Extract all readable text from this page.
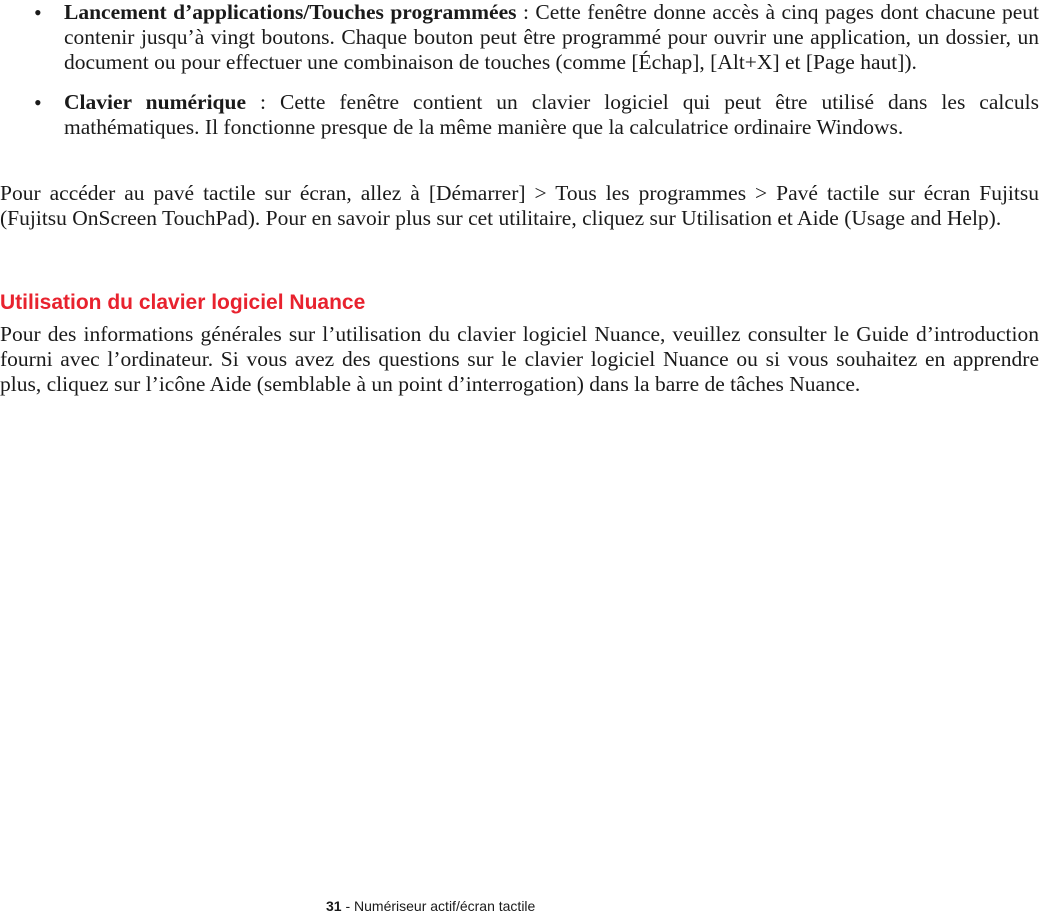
• Lancement d’applications/Touches programmées : Cette fenêtre donne accès à cinq pages dont chacune peut contenir jusqu’à vingt boutons. Chaque bouton peut être programmé pour ouvrir une application, un dossier, un document ou pour effectuer une combinaison de touches (comme [Échap], [Alt+X] et [Page haut]).
• Clavier numérique : Cette fenêtre contient un clavier logiciel qui peut être utilisé dans les calculs mathématiques. Il fonctionne presque de la même manière que la calculatrice ordinaire Windows.

Pour accéder au pavé tactile sur écran, allez à [Démarrer] > Tous les programmes > Pavé tactile sur écran Fujitsu (Fujitsu OnScreen TouchPad). Pour en savoir plus sur cet utilitaire, cliquez sur Utilisation et Aide (Usage and Help).

Utilisation du clavier logiciel Nuance

Pour des informations générales sur l’utilisation du clavier logiciel Nuance, veuillez consulter le Guide d’introduction fourni avec l’ordinateur. Si vous avez des questions sur le clavier logiciel Nuance ou si vous souhaitez en apprendre plus, cliquez sur l’icône Aide (semblable à un point d’interrogation) dans la barre de tâches Nuance.

31 - Numériseur actif/écran tactile
